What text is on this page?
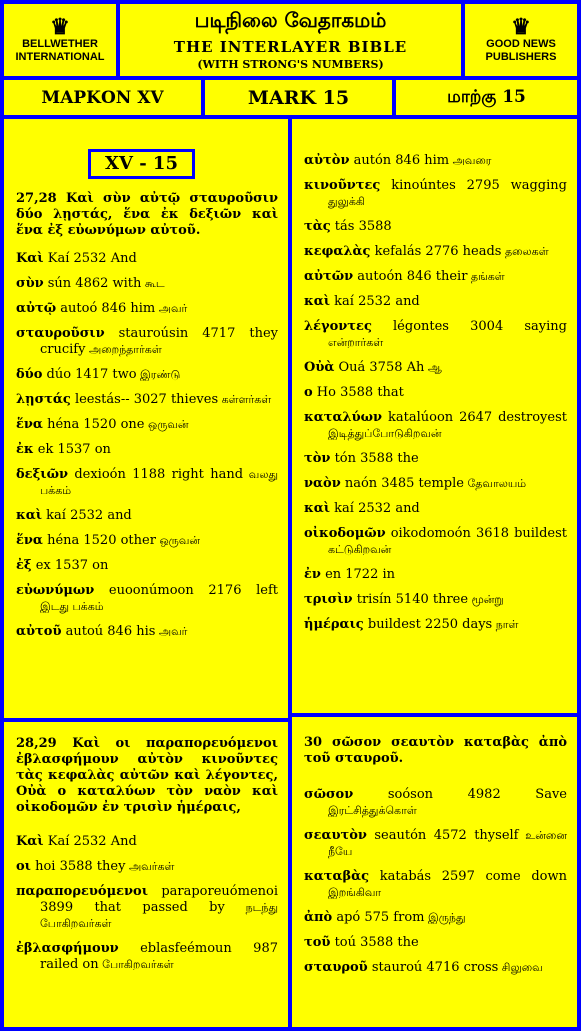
♛
BELLWETHER INTERNATIONAL
படிநிலை வேதாகமம்
THE INTERLAYER BIBLE
(WITH STRONG'S NUMBERS)
♛
GOOD NEWS PUBLISHERS
ΜΑΡΚΟΝ XV	MARK 15	மாற்கு 15
XV - 15
27,28 Καὶ σὺν αὐτῷ σταυροῦσιν δύο λῃστάς, ἕνα ἐκ δεξιῶν καὶ ἕνα ἐξ εὐωνύμων αὐτοῦ.
Καὶ Kaí 2532 And
σὺν sún 4862 with கூட
αὐτῷ autoó 846 him அவர்
σταυροῦσιν stauroúsin 4717 they crucify அறைந்தார்கள்
δύο dúo 1417 two இரண்டு
λῃστάς leestás-- 3027 thieves கள்ளர்கள்
ἕνα héna 1520 one ஒருவன்
ἐκ ek 1537 on
δεξιῶν dexioón 1188 right hand வலது பக்கம்
καὶ kaí 2532 and
ἕνα héna 1520 other ஒருவன்
ἐξ ex 1537 on
εὐωνύμων euoonúmoon 2176 left இடது பக்கம்
αὐτοῦ autoú 846 his அவர்
αὐτὸν autón 846 him அவரை
κινοῦντες kinoúntes 2795 wagging துலுக்கி
τὰς tás 3588
κεφαλὰς kefalás 2776 heads தலைகள்
αὐτῶν autoón 846 their தங்கள்
καὶ kaí 2532 and
λέγοντες légontes 3004 saying என்றார்கள்
Οὐὰ Ouá 3758 Ah ஆ
ο Ho 3588 that
καταλύων katalúoon 2647 destroyest இடித்துப்போடுகிறவன்
τὸν tón 3588 the
ναὸν naón 3485 temple தேவாலயம்
καὶ kaí 2532 and
οἰκοδομῶν oikodomoón 3618 buildest கட்டுகிறவன்
ἐν en 1722 in
τρισὶν trisín 5140 three மூன்று
ἡμέραις buildest 2250 days நாள்
28,29 Καὶ οι παραπορευόμενοι ἐβλασφήμουν αὐτὸν κινοῦντες τὰς κεφαλὰς αὐτῶν καὶ λέγοντες, Οὐὰ ο καταλύων τὸν ναὸν καὶ οἰκοδομῶν ἐν τρισὶν ἡμέραις,
Καὶ Kaí 2532 And
οι hoi 3588 they அவர்கள்
παραπορευόμενοι paraporeuómenoi 3899 that passed by நடந்து போகிறவர்கள்
ἐβλασφήμουν eblasfeémoun 987 railed on போகிறவர்கள்
30 σῶσον σεαυτὸν καταβὰς ἀπὸ τοῦ σταυροῦ.
σῶσον soóson 4982 Save இரட்சித்துக்கொள்
σεαυτὸν seautón 4572 thyself உன்னை நீயே
καταβὰς katabás 2597 come down இறங்கிவா
ἀπὸ apó 575 from இருந்து
τοῦ toú 3588 the
σταυροῦ stauroú 4716 cross சிலுவை
